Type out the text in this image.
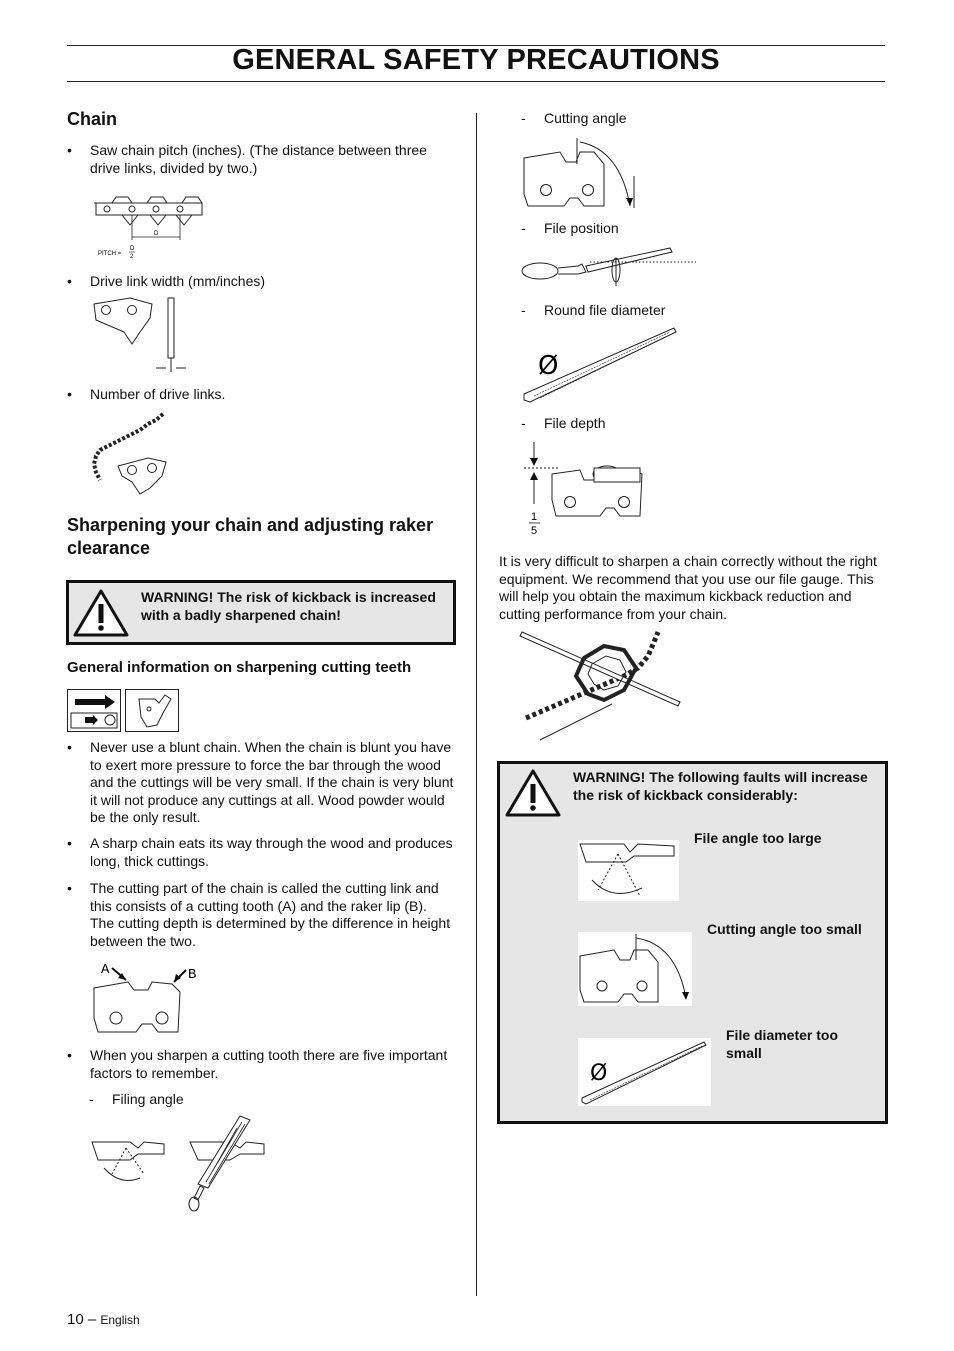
GENERAL SAFETY PRECAUTIONS
Chain
• Saw chain pitch (inches). (The distance between three drive links, divided by two.)
D
PITCH =
D
2
• Drive link width (mm/inches)
• Number of drive links.
Sharpening your chain and adjusting raker clearance
WARNING! The risk of kickback is increased with a badly sharpened chain!
General information on sharpening cutting teeth
• Never use a blunt chain. When the chain is blunt you have to exert more pressure to force the bar through the wood and the cuttings will be very small. If the chain is very blunt it will not produce any cuttings at all. Wood powder would be the only result.
• A sharp chain eats its way through the wood and produces long, thick cuttings.
• The cutting part of the chain is called the cutting link and this consists of a cutting tooth (A) and the raker lip (B). The cutting depth is determined by the difference in height between the two.
A	B
• When you sharpen a cutting tooth there are five important factors to remember.
- Filing angle
- Cutting angle
- File position
- Round file diameter
Ø
- File depth
1
5
It is very difficult to sharpen a chain correctly without the right equipment. We recommend that you use our file gauge. This will help you obtain the maximum kickback reduction and cutting performance from your chain.
WARNING! The following faults will increase the risk of kickback considerably:
File angle too large
Cutting angle too small
Ø
File diameter too small
10 – English
